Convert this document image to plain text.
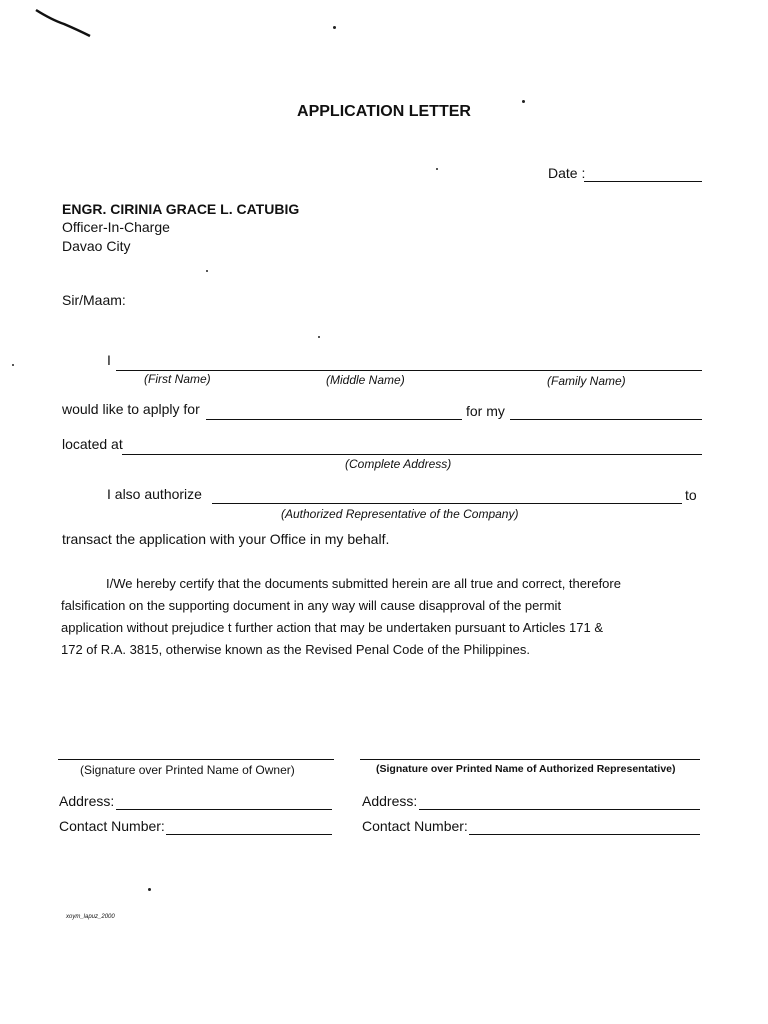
APPLICATION LETTER
Date :
ENGR. CIRINIA GRACE L. CATUBIG
Officer-In-Charge
Davao City
Sir/Maam:
I
(First Name)	(Middle Name)	(Family Name)
would like to aplply for	for my
located at
(Complete Address)
I also authorize	to
(Authorized Representative of the Company)
transact the application with your Office in my behalf.
I/We hereby certify that the documents submitted herein are all true and correct, therefore
falsification on the supporting document in any way will cause disapproval of the permit
application without prejudice t further action that may be undertaken pursuant to Articles 171 &
172 of R.A. 3815, otherwise known as the Revised Penal Code of the Philippines.
(Signature over Printed Name of Owner)	(Signature over Printed Name of Authorized Representative)
Address:
Contact Number:
Address:
Contact Number:
xoym_lapuz_2000
